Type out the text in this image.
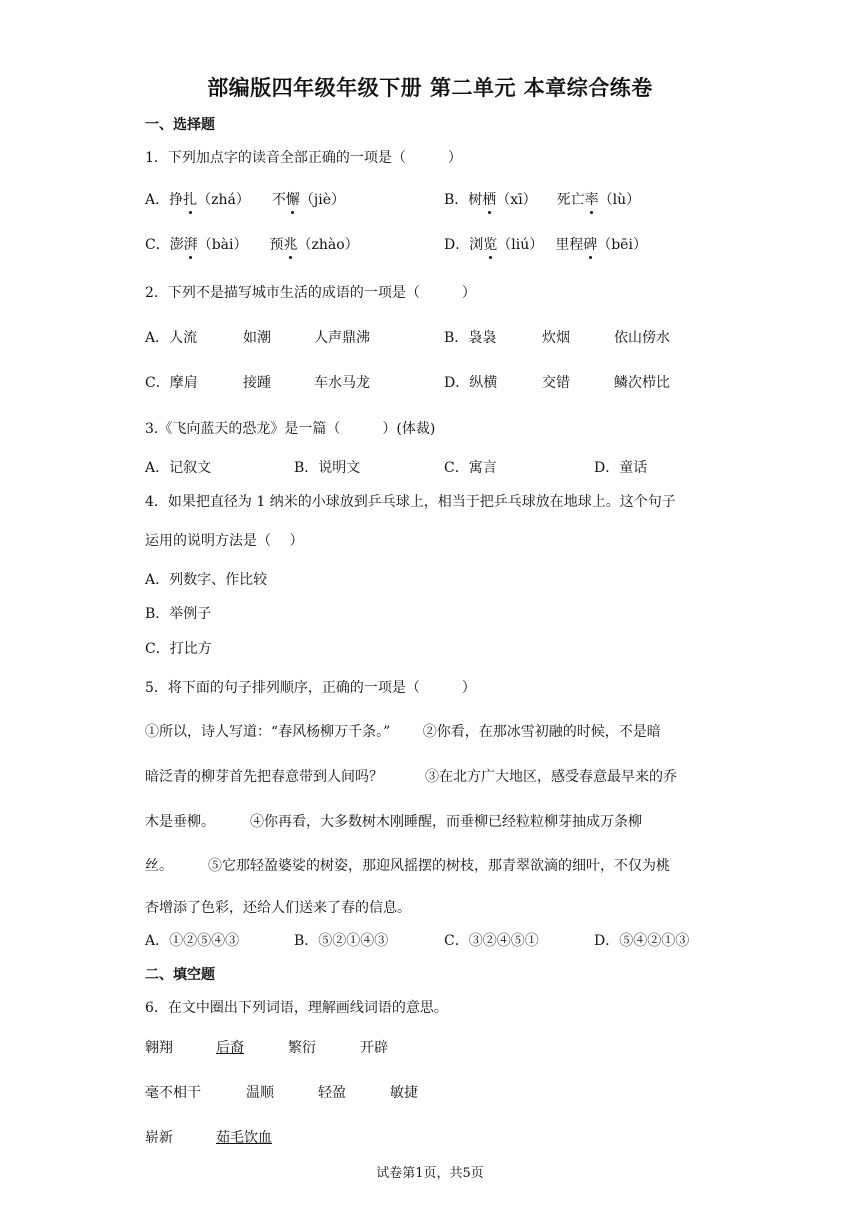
部编版四年级年级下册 第二单元 本章综合练卷
一、选择题
1．下列加点字的读音全部正确的一项是（　　　）
A．挣扎（zhá） 不懈（jiè）	B．树栖（xī） 死亡率（lù）
C．澎湃（bài） 预兆（zhào）	D．浏览（liú） 里程碑（bēi）
2．下列不是描写城市生活的成语的一项是（　　　）
A．人流	如潮	人声鼎沸	B．袅袅	炊烟	依山傍水
C．摩肩	接踵	车水马龙	D．纵横	交错	鳞次栉比
3.《飞向蓝天的恐龙》是一篇（　　　）(体裁)
A．记叙文	B．说明文	C．寓言	D．童话
4．如果把直径为 1 纳米的小球放到乒乓球上，相当于把乒乓球放在地球上。这个句子
运用的说明方法是（　 ）
A．列数字、作比较
B．举例子
C．打比方
5．将下面的句子排列顺序，正确的一项是（　　　）
①所以，诗人写道：“春风杨柳万千条。”　　 ②你看，在那冰雪初融的时候，不是暗
暗泛青的柳芽首先把春意带到人间吗？　　　③在北方广大地区，感受春意最早来的乔
木是垂柳。　　　④你再看，大多数树木刚睡醒，而垂柳已经粒粒柳芽抽成万条柳
丝。　　　⑤它那轻盈婆娑的树姿，那迎风摇摆的树枝，那青翠欲滴的细叶，不仅为桃
杏增添了色彩，还给人们送来了春的信息。
A．①②⑤④③	B．⑤②①④③	C．③②④⑤①	D．⑤④②①③
二、填空题
6．在文中圈出下列词语，理解画线词语的意思。
翱翔	后裔	繁衍	开辟
毫不相干	温顺	轻盈	敏捷
崭新	茹毛饮血
试卷第1页，共5页
